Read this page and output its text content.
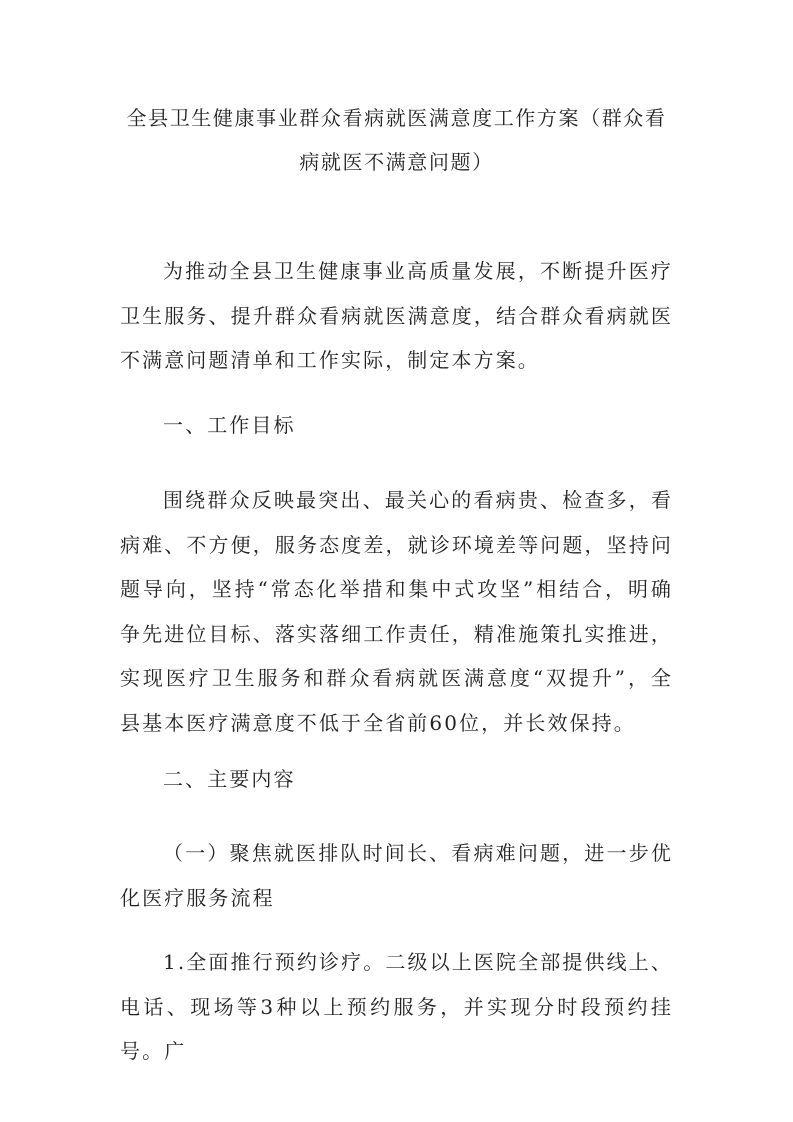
全县卫生健康事业群众看病就医满意度工作方案（群众看病就医不满意问题）

为推动全县卫生健康事业高质量发展，不断提升医疗卫生服务、提升群众看病就医满意度，结合群众看病就医不满意问题清单和工作实际，制定本方案。

一、工作目标

围绕群众反映最突出、最关心的看病贵、检查多，看病难、不方便，服务态度差，就诊环境差等问题，坚持问题导向，坚持“常态化举措和集中式攻坚”相结合，明确争先进位目标、落实落细工作责任，精准施策扎实推进，实现医疗卫生服务和群众看病就医满意度“双提升”，全县基本医疗满意度不低于全省前60位，并长效保持。

二、主要内容

（一）聚焦就医排队时间长、看病难问题，进一步优化医疗服务流程

1.全面推行预约诊疗。二级以上医院全部提供线上、电话、现场等3种以上预约服务，并实现分时段预约挂号。广
